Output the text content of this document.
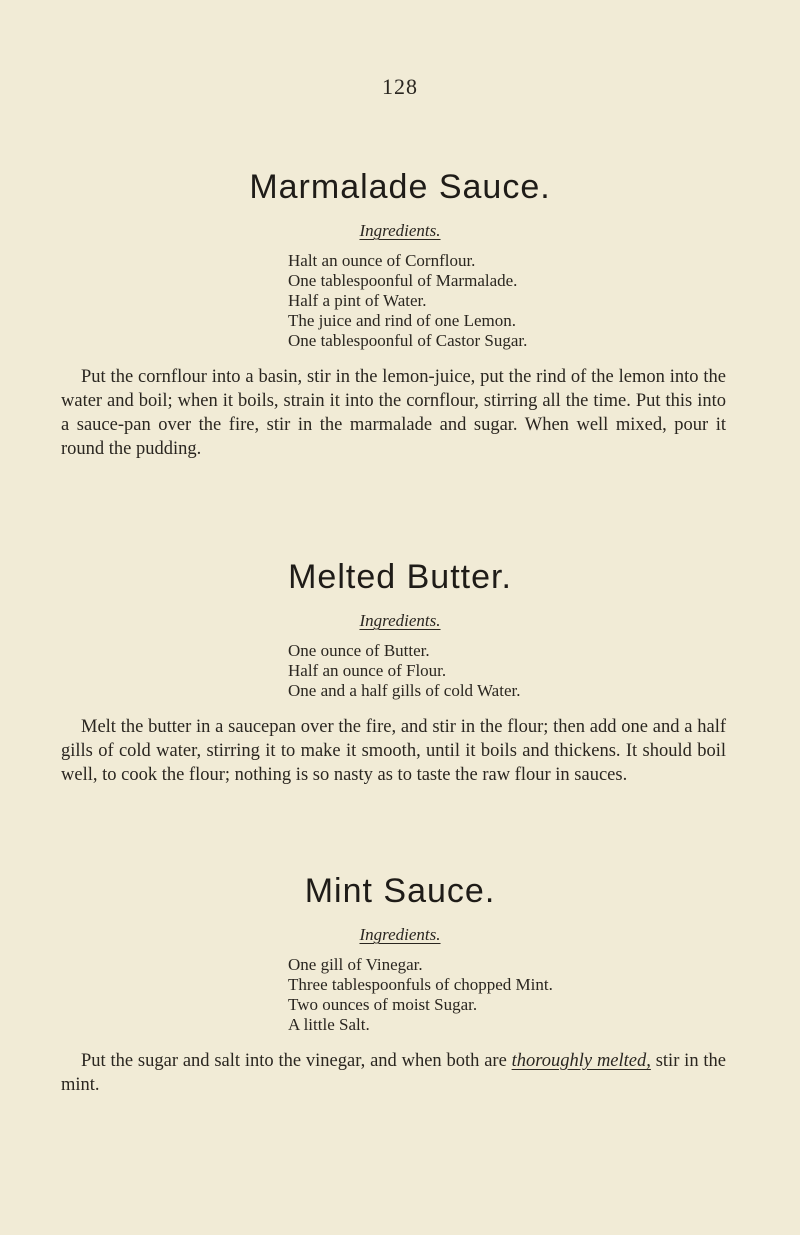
128
Marmalade Sauce.
Ingredients.
Halt an ounce of Cornflour.
One tablespoonful of Marmalade.
Half a pint of Water.
The juice and rind of one Lemon.
One tablespoonful of Castor Sugar.

Put the cornflour into a basin, stir in the lemon-juice, put the rind of the lemon into the water and boil; when it boils, strain it into the cornflour, stirring all the time. Put this into a sauce-pan over the fire, stir in the marmalade and sugar. When well mixed, pour it round the pudding.

Melted Butter.
Ingredients.
One ounce of Butter.
Half an ounce of Flour.
One and a half gills of cold Water.

Melt the butter in a saucepan over the fire, and stir in the flour; then add one and a half gills of cold water, stirring it to make it smooth, until it boils and thickens. It should boil well, to cook the flour; nothing is so nasty as to taste the raw flour in sauces.

Mint Sauce.
Ingredients.
One gill of Vinegar.
Three tablespoonfuls of chopped Mint.
Two ounces of moist Sugar.
A little Salt.

Put the sugar and salt into the vinegar, and when both are thoroughly melted, stir in the mint.
